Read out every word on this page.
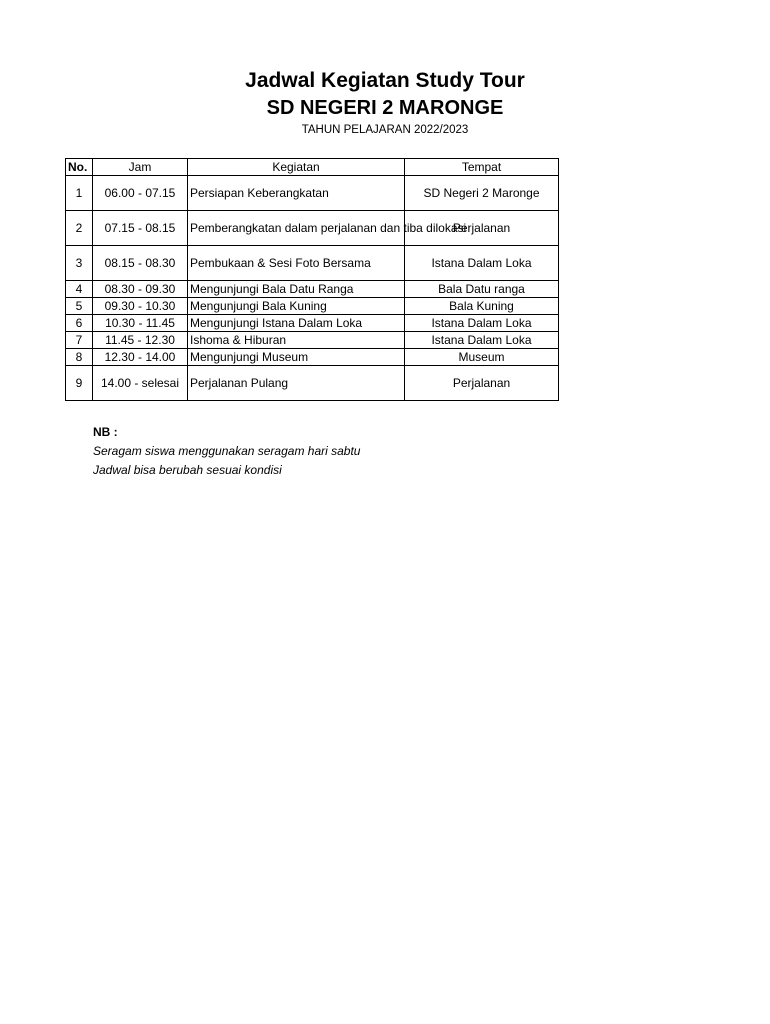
Jadwal Kegiatan Study Tour
SD NEGERI 2 MARONGE
TAHUN PELAJARAN 2022/2023
No.	Jam	Kegiatan	Tempat
1	06.00 - 07.15	Persiapan Keberangkatan	SD Negeri 2 Maronge
2	07.15 - 08.15	Pemberangkatan dalam perjalanan dan tiba dilokasi	Perjalanan
3	08.15 - 08.30	Pembukaan & Sesi Foto Bersama	Istana Dalam Loka
4	08.30 - 09.30	Mengunjungi Bala Datu Ranga	Bala Datu ranga
5	09.30 - 10.30	Mengunjungi Bala Kuning	Bala Kuning
6	10.30 - 11.45	Mengunjungi Istana Dalam Loka	Istana Dalam Loka
7	11.45 - 12.30	Ishoma & Hiburan	Istana Dalam Loka
8	12.30 - 14.00	Mengunjungi Museum	Museum
9	14.00 - selesai	Perjalanan Pulang	Perjalanan
NB :
Seragam siswa menggunakan seragam hari sabtu
Jadwal bisa berubah sesuai kondisi
